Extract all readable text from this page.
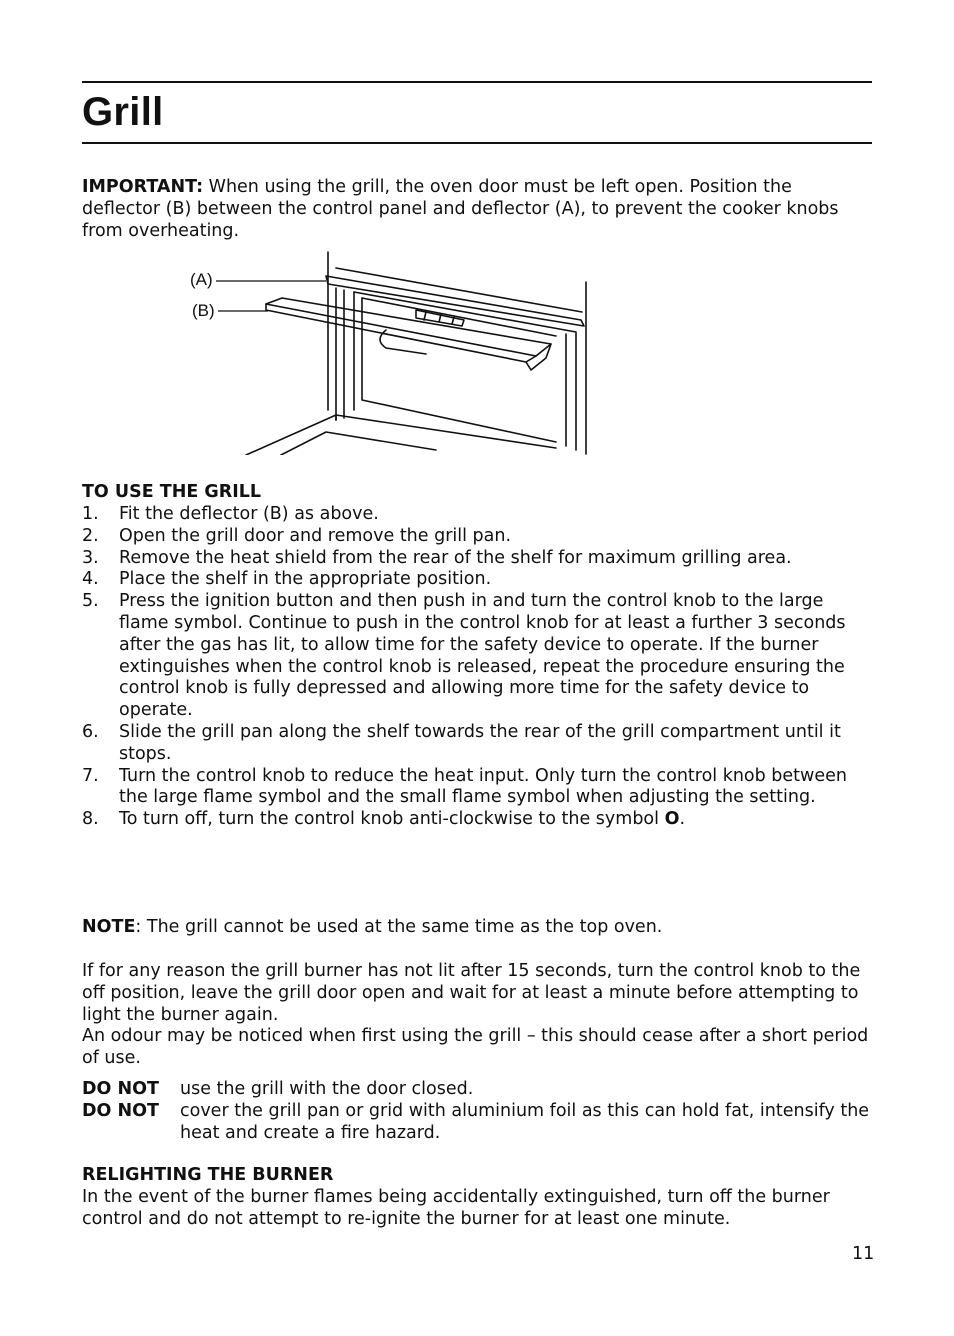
Grill
IMPORTANT: When using the grill, the oven door must be left open. Position the deflector (B) between the control panel and deflector (A), to prevent the cooker knobs from overheating.
(A)
(B)
TO USE THE GRILL
1. Fit the deflector (B) as above.
2. Open the grill door and remove the grill pan.
3. Remove the heat shield from the rear of the shelf for maximum grilling area.
4. Place the shelf in the appropriate position.
5. Press the ignition button and then push in and turn the control knob to the large flame symbol. Continue to push in the control knob for at least a further 3 seconds after the gas has lit, to allow time for the safety device to operate. If the burner extinguishes when the control knob is released, repeat the procedure ensuring the control knob is fully depressed and allowing more time for the safety device to operate.
6. Slide the grill pan along the shelf towards the rear of the grill compartment until it stops.
7. Turn the control knob to reduce the heat input. Only turn the control knob between the large flame symbol and the small flame symbol when adjusting the setting.
8. To turn off, turn the control knob anti-clockwise to the symbol O.
NOTE: The grill cannot be used at the same time as the top oven.
If for any reason the grill burner has not lit after 15 seconds, turn the control knob to the off position, leave the grill door open and wait for at least a minute before attempting to light the burner again.
An odour may be noticed when first using the grill – this should cease after a short period of use.
DO NOT use the grill with the door closed.
DO NOT cover the grill pan or grid with aluminium foil as this can hold fat, intensify the heat and create a fire hazard.
RELIGHTING THE BURNER
In the event of the burner flames being accidentally extinguished, turn off the burner control and do not attempt to re-ignite the burner for at least one minute.
11
